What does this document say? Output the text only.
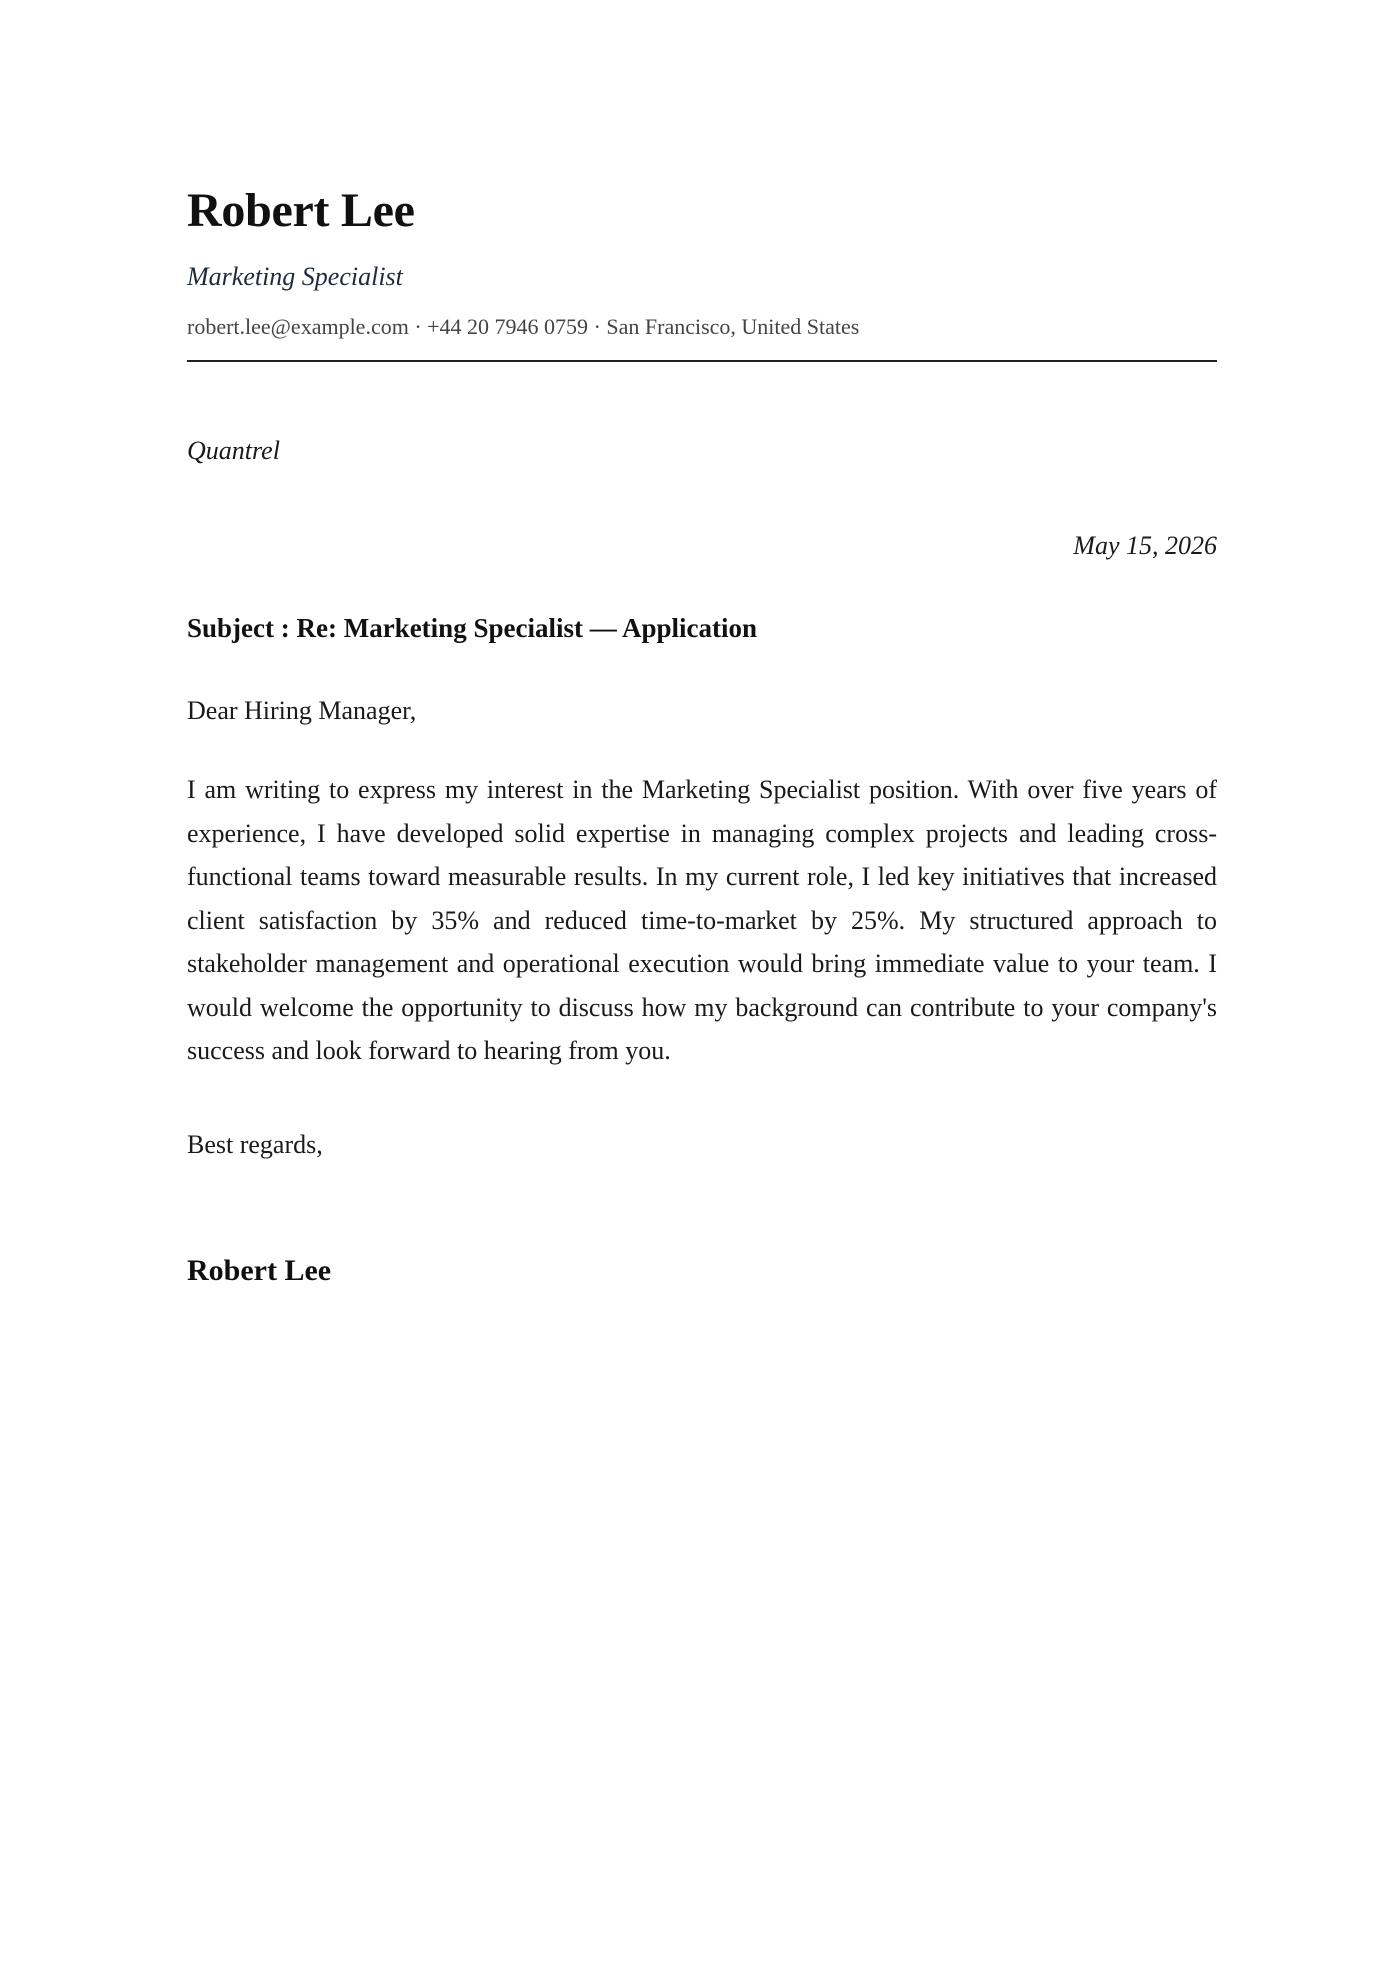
Robert Lee
Marketing Specialist
robert.lee@example.com · +44 20 7946 0759 · San Francisco, United States
Quantrel
May 15, 2026
Subject : Re: Marketing Specialist — Application
Dear Hiring Manager,

I am writing to express my interest in the Marketing Specialist position. With over five years of experience, I have developed solid expertise in managing complex projects and leading cross-functional teams toward measurable results. In my current role, I led key initiatives that increased client satisfaction by 35% and reduced time-to-market by 25%. My structured approach to stakeholder management and operational execution would bring immediate value to your team. I would welcome the opportunity to discuss how my background can contribute to your company's success and look forward to hearing from you.

Best regards,
Robert Lee
